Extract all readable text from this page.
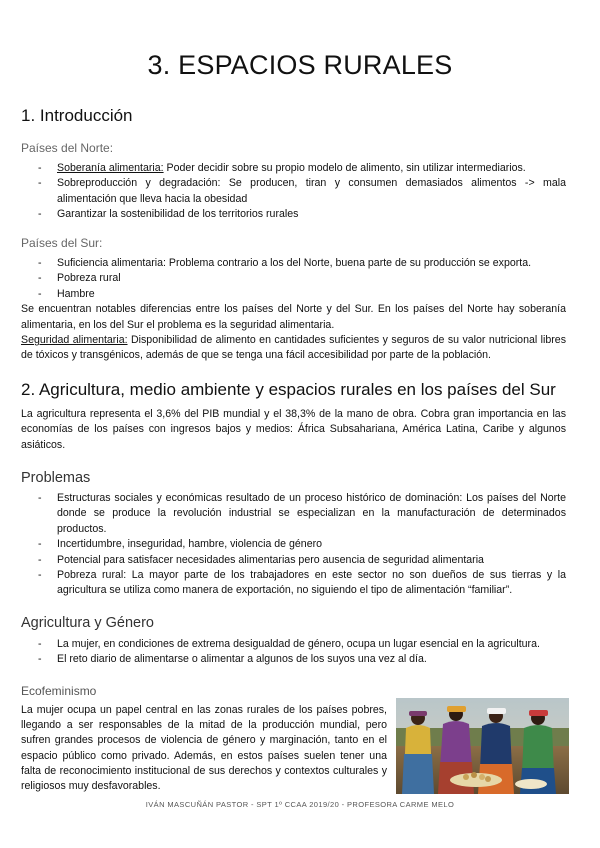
3. ESPACIOS RURALES
1. Introducción
Países del Norte:
- Soberanía alimentaria: Poder decidir sobre su propio modelo de alimento, sin utilizar intermediarios.
- Sobreproducción y degradación: Se producen, tiran y consumen demasiados alimentos -> mala alimentación que lleva hacia la obesidad
- Garantizar la sostenibilidad de los territorios rurales
Países del Sur:
- Suficiencia alimentaria: Problema contrario a los del Norte, buena parte de su producción se exporta.
- Pobreza rural
- Hambre

Se encuentran notables diferencias entre los países del Norte y del Sur. En los países del Norte hay soberanía alimentaria, en los del Sur el problema es la seguridad alimentaria.

Seguridad alimentaria: Disponibilidad de alimento en cantidades suficientes y seguros de su valor nutricional libres de tóxicos y transgénicos, además de que se tenga una fácil accesibilidad por parte de la población.

2. Agricultura, medio ambiente y espacios rurales en los países del Sur

La agricultura representa el 3,6% del PIB mundial y el 38,3% de la mano de obra. Cobra gran importancia en las economías de los países con ingresos bajos y medios: África Subsahariana, América Latina, Caribe y algunos asiáticos.

Problemas
- Estructuras sociales y económicas resultado de un proceso histórico de dominación: Los países del Norte donde se produce la revolución industrial se especializan en la manufacturación de determinados productos.
- Incertidumbre, inseguridad, hambre, violencia de género
- Potencial para satisfacer necesidades alimentarias pero ausencia de seguridad alimentaria
- Pobreza rural: La mayor parte de los trabajadores en este sector no son dueños de sus tierras y la agricultura se utiliza como manera de exportación, no siguiendo el tipo de alimentación “familiar”.
Agricultura y Género
- La mujer, en condiciones de extrema desigualdad de género, ocupa un lugar esencial en la agricultura.
- El reto diario de alimentarse o alimentar a algunos de los suyos una vez al día.
Ecofeminismo
La mujer ocupa un papel central en las zonas rurales de los países pobres, llegando a ser responsables de la mitad de la producción mundial, pero sufren grandes procesos de violencia de género y marginación, tanto en el espacio público como privado. Además, en estos países suelen tener una falta de reconocimiento institucional de sus derechos y contextos culturales y religiosos muy desfavorables.
IVÁN MASCUÑÁN PASTOR - SPT 1º CCAA 2019/20 - PROFESORA CARME MELO
